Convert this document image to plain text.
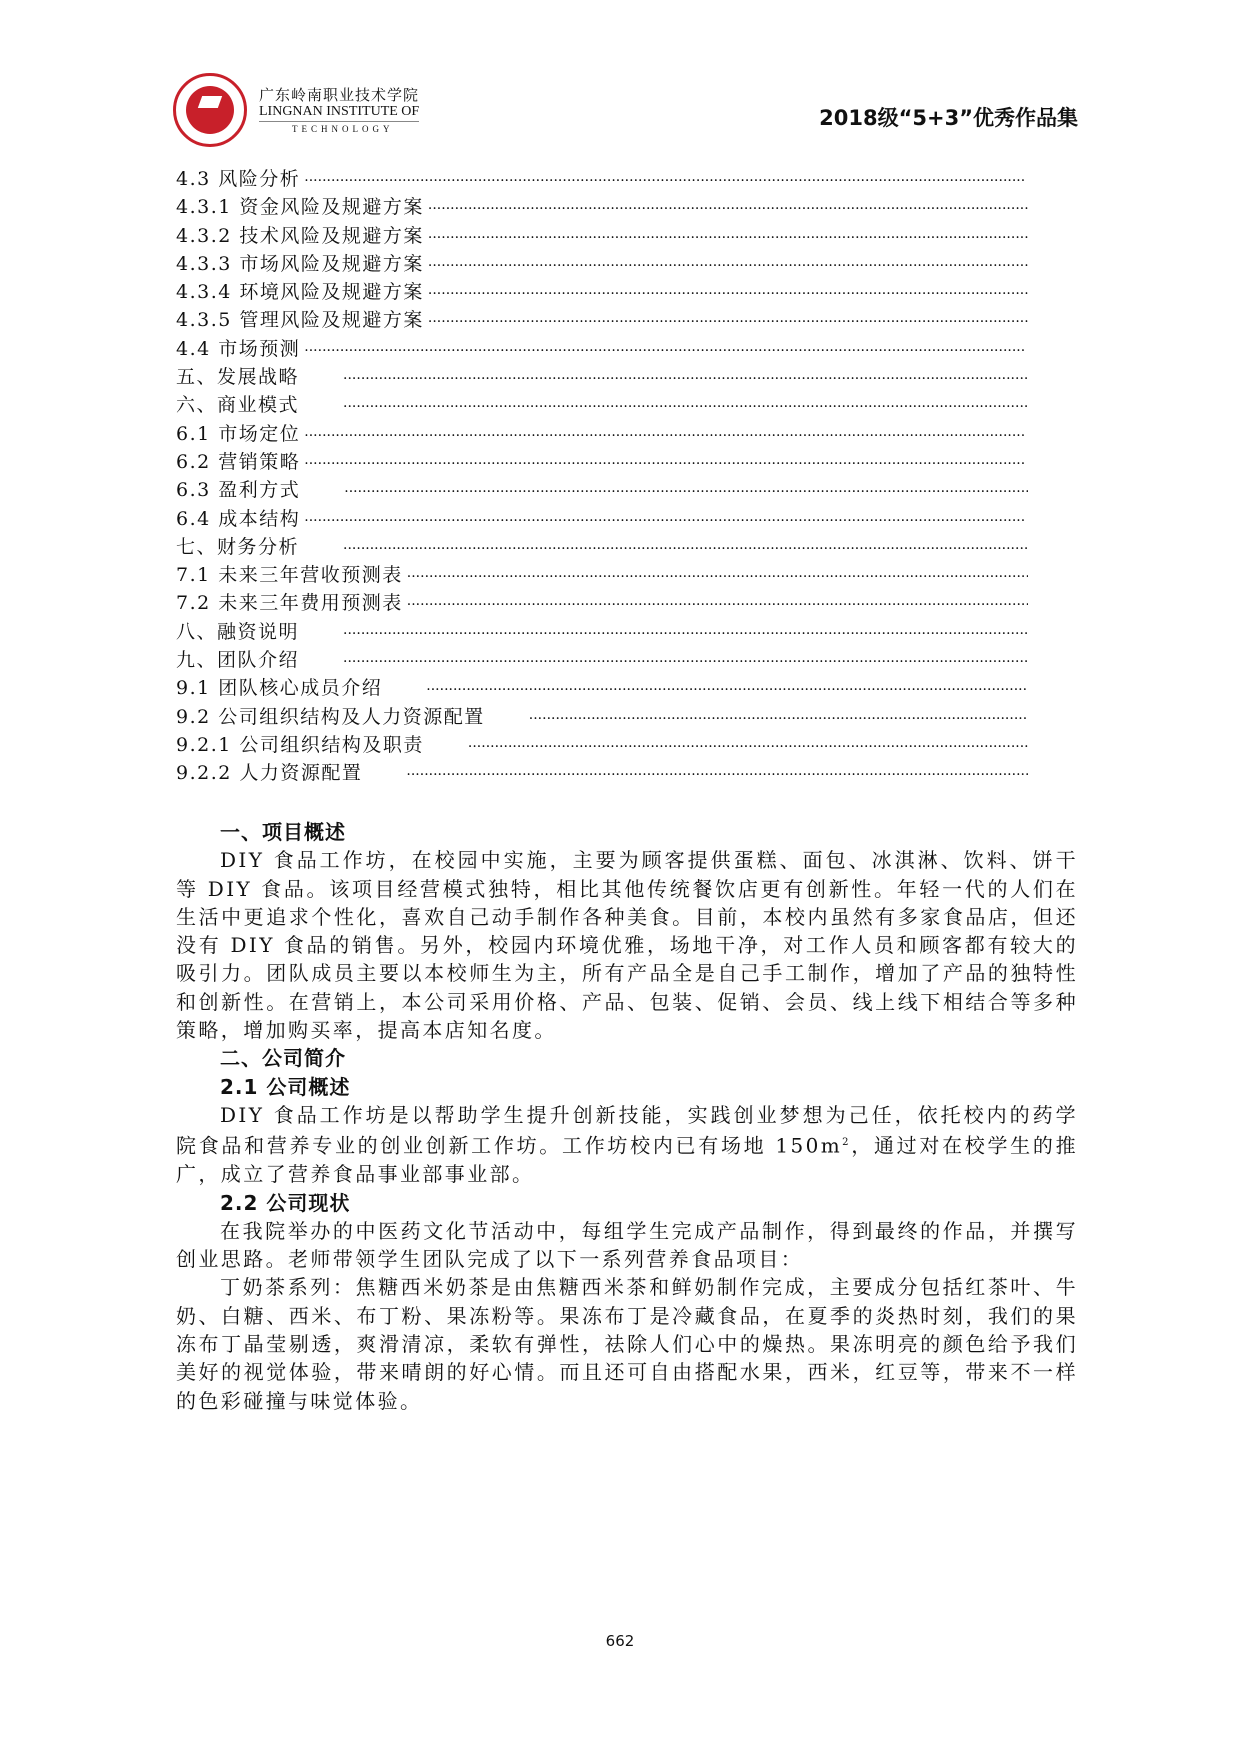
广东岭南职业技术学院
LINGNAN INSTITUTE OF
TECHNOLOGY	2018级“5+3”优秀作品集
4.3 风险分析
·····
4.3.1 资金风险及规避方案
·····
4.3.2 技术风险及规避方案
·····
4.3.3 市场风险及规避方案
·····
4.3.4 环境风险及规避方案
·····
4.3.5 管理风险及规避方案
·····
4.4 市场预测
·····
五、发展战略
·····
六、商业模式
·····
6.1 市场定位
·····
6.2 营销策略
·····
6.3 盈利方式
·····
6.4 成本结构
·····
七、财务分析
·····
7.1 未来三年营收预测表
·····
7.2 未来三年费用预测表
·····
八、融资说明
·····
九、团队介绍
·····
9.1 团队核心成员介绍
·····
9.2 公司组织结构及人力资源配置
·····
9.2.1 公司组织结构及职责
·····
9.2.2 人力资源配置
·····
一、项目概述

DIY 食品工作坊，在校园中实施，主要为顾客提供蛋糕、面包、冰淇淋、饮料、饼干等 DIY 食品。该项目经营模式独特，相比其他传统餐饮店更有创新性。年轻一代的人们在生活中更追求个性化，喜欢自己动手制作各种美食。目前，本校内虽然有多家食品店，但还没有 DIY 食品的销售。另外，校园内环境优雅，场地干净，对工作人员和顾客都有较大的吸引力。团队成员主要以本校师生为主，所有产品全是自己手工制作，增加了产品的独特性和创新性。在营销上，本公司采用价格、产品、包装、促销、会员、线上线下相结合等多种策略，增加购买率，提高本店知名度。

二、公司简介
2.1 公司概述

DIY 食品工作坊是以帮助学生提升创新技能，实践创业梦想为己任，依托校内的药学院食品和营养专业的创业创新工作坊。工作坊校内已有场地 $150m^2$，通过对在校学生的推广，成立了营养食品事业部事业部。

2.2 公司现状

在我院举办的中医药文化节活动中，每组学生完成产品制作，得到最终的作品，并撰写创业思路。老师带领学生团队完成了以下一系列营养食品项目：

丁奶茶系列：焦糖西米奶茶是由焦糖西米茶和鲜奶制作完成，主要成分包括红茶叶、牛奶、白糖、西米、布丁粉、果冻粉等。果冻布丁是冷藏食品，在夏季的炎热时刻，我们的果冻布丁晶莹剔透，爽滑清凉，柔软有弹性，祛除人们心中的燥热。果冻明亮的颜色给予我们美好的视觉体验，带来晴朗的好心情。而且还可自由搭配水果，西米，红豆等，带来不一样的色彩碰撞与味觉体验。

662
